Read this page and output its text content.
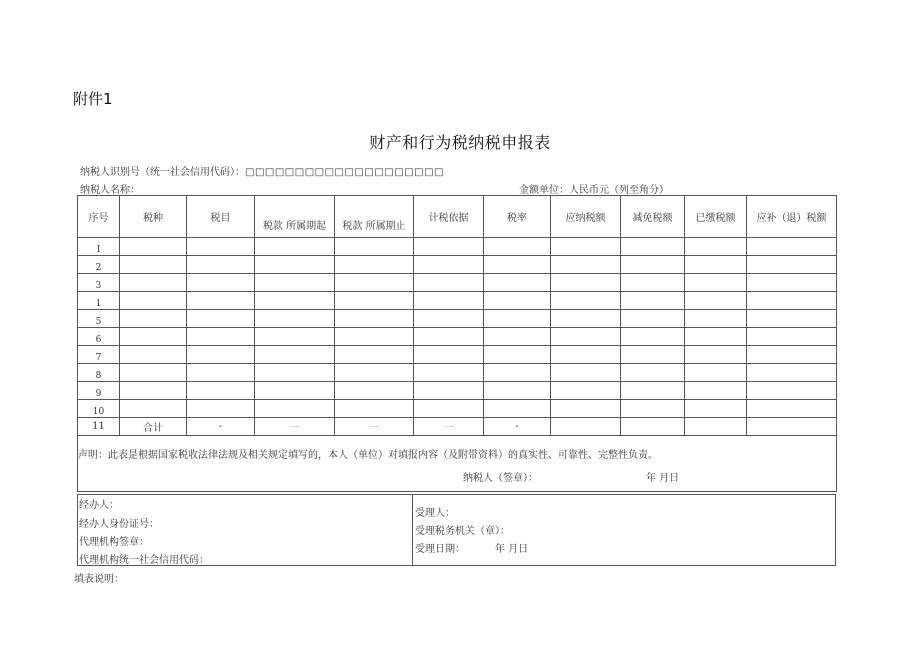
附件1
财产和行为税纳税申报表
纳税人识别号（统一社会信用代码）：□□□□□□□□□□□□□□□□□□□□
纳税人名称：	金额单位：人民币元（列至角分）
序号	税种	税目	税款 所属期起	税款 所属期止	计税依据	税率	应纳税额	减免税额	已缴税额	应补（退）税额
I										
2										
3										
1										
5										
6										
7										
8										
9										
10										
11	合计	-	一	一	一	-				

声明：此表是根据国家税收法律法规及相关规定填写的，本人（单位）对填报内容（及附带资料）的真实性、可靠性、完整性负责。
纳税人（签章）： 年 月日										
经办人：
经办人身份证号：
代理机构签章：
代理机构统一社会信用代码：
受理人：
受理税务机关（章）：
受理日期：	年 月日
填表说明：
